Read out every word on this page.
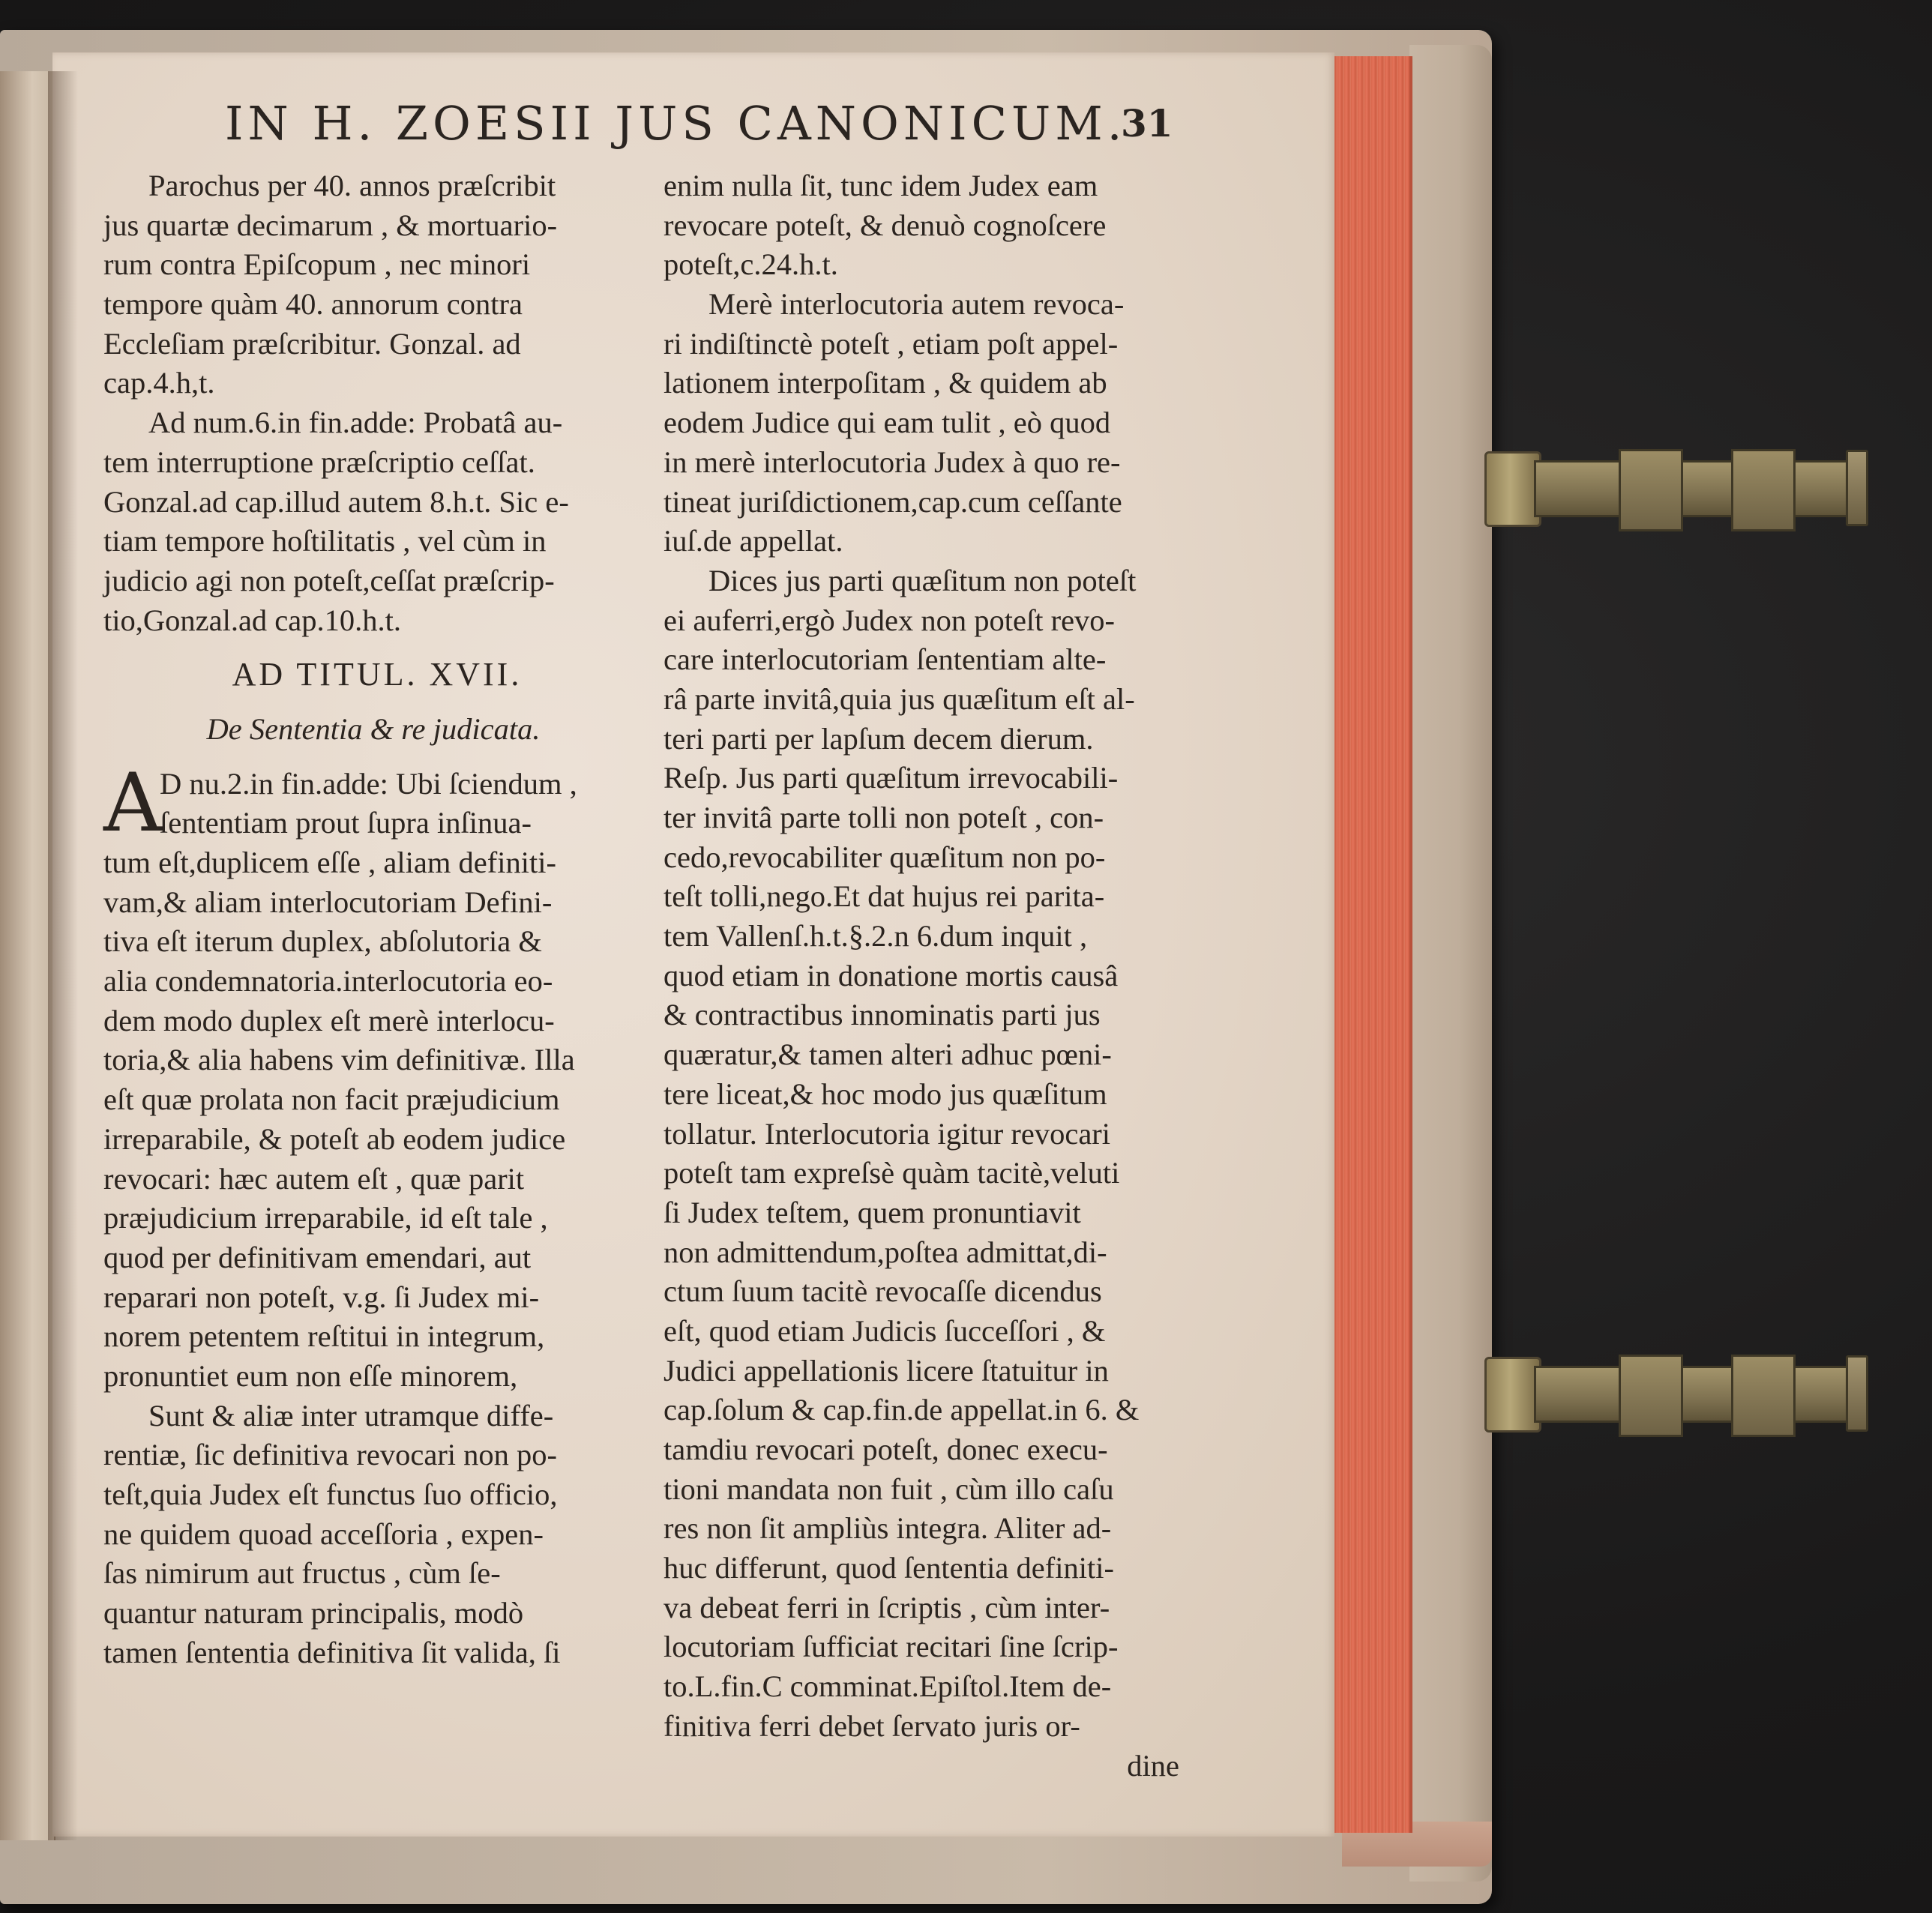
IN H. ZOESII JUS CANONICUM.
31
Parochus per 40. annos præſcribit
jus quartæ decimarum , & mortuario-
rum contra Epiſcopum , nec minori
tempore quàm 40. annorum contra
Eccleſiam præſcribitur. Gonzal. ad
cap.4.h,t.
Ad num.6.in fin.adde: Probatâ au-
tem interruptione præſcriptio ceſſat.
Gonzal.ad cap.illud autem 8.h.t. Sic e-
tiam tempore hoſtilitatis , vel cùm in
judicio agi non poteſt,ceſſat præſcrip-
tio,Gonzal.ad cap.10.h.t.
AD TITUL. XVII.
De Sententia & re judicata.
A
D nu.2.in fin.adde: Ubi ſciendum ,
ſententiam prout ſupra inſinua-
tum eſt,duplicem eſſe , aliam definiti-
vam,& aliam interlocutoriam Defini-
tiva eſt iterum duplex, abſolutoria &
alia condemnatoria.interlocutoria eo-
dem modo duplex eſt merè interlocu-
toria,& alia habens vim definitivæ. Illa
eſt quæ prolata non facit præjudicium
irreparabile, & poteſt ab eodem judice
revocari: hæc autem eſt , quæ parit
præjudicium irreparabile, id eſt tale ,
quod per definitivam emendari, aut
reparari non poteſt, v.g. ſi Judex mi-
norem petentem reſtitui in integrum,
pronuntiet eum non eſſe minorem,
Sunt & aliæ inter utramque diffe-
rentiæ, ſic definitiva revocari non po-
teſt,quia Judex eſt functus ſuo officio,
ne quidem quoad acceſſoria , expen-
ſas nimirum aut fructus , cùm ſe-
quantur naturam principalis, modò
tamen ſententia definitiva ſit valida, ſi
enim nulla ſit, tunc idem Judex eam
revocare poteſt, & denuò cognoſcere
poteſt,c.24.h.t.
Merè interlocutoria autem revoca-
ri indiſtinctè poteſt , etiam poſt appel-
lationem interpoſitam , & quidem ab
eodem Judice qui eam tulit , eò quod
in merè interlocutoria Judex à quo re-
tineat juriſdictionem,cap.cum ceſſante
iuſ.de appellat.
Dices jus parti quæſitum non poteſt
ei auferri,ergò Judex non poteſt revo-
care interlocutoriam ſententiam alte-
râ parte invitâ,quia jus quæſitum eſt al-
teri parti per lapſum decem dierum.
Reſp. Jus parti quæſitum irrevocabili-
ter invitâ parte tolli non poteſt , con-
cedo,revocabiliter quæſitum non po-
teſt tolli,nego.Et dat hujus rei parita-
tem Vallenſ.h.t.§.2.n 6.dum inquit ,
quod etiam in donatione mortis causâ
& contractibus innominatis parti jus
quæratur,& tamen alteri adhuc pœni-
tere liceat,& hoc modo jus quæſitum
tollatur. Interlocutoria igitur revocari
poteſt tam expreſsè quàm tacitè,veluti
ſi Judex teſtem, quem pronuntiavit
non admittendum,poſtea admittat,di-
ctum ſuum tacitè revocaſſe dicendus
eſt, quod etiam Judicis ſucceſſori , &
Judici appellationis licere ſtatuitur in
cap.ſolum & cap.fin.de appellat.in 6. &
tamdiu revocari poteſt, donec execu-
tioni mandata non fuit , cùm illo caſu
res non ſit ampliùs integra. Aliter ad-
huc differunt, quod ſententia definiti-
va debeat ferri in ſcriptis , cùm inter-
locutoriam ſufficiat recitari ſine ſcrip-
to.L.fin.C comminat.Epiſtol.Item de-
finitiva ferri debet ſervato juris or-
dine
